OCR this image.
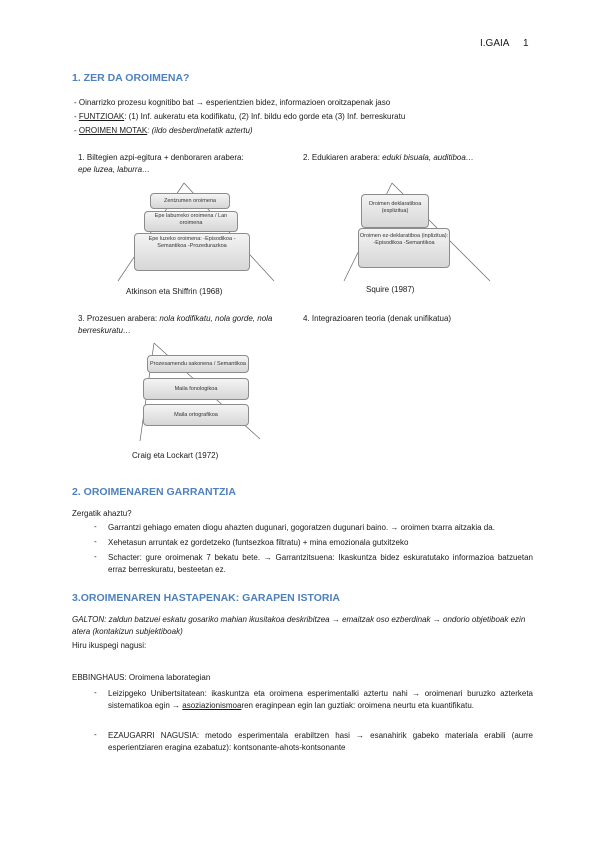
I.GAIA 1
1. ZER DA OROIMENA?
- Oinarrizko prozesu kognitibo bat → esperientzien bidez, informazioen oroitzapenak jaso
- FUNTZIOAK: (1) Inf. aukeratu eta kodifikatu, (2) Inf. bildu edo gorde eta (3) Inf. berreskuratu
- OROIMEN MOTAK: (ildo desberdinetatik aztertu)
1. Biltegien azpi-egitura + denboraren arabera:
epe luzea, laburra…
Zentzumen oroimena
Epe laburreko oroimena / Lan oroimena
Epe luzeko oroimena: -Episodikoa -Semantikoa -Prozedurazkoa
Atkinson eta Shiffrin (1968)
2. Edukiaren arabera: eduki bisuala, auditiboa…
Oroimen deklaratiboa (esplizitua)
Oroimen ez-deklaratiboa (inplizitua): -Episodikoa -Semantikoa
Squire (1987)
3. Prozesuen arabera: nola kodifikatu, nola gorde, nola berreskuratu…
4. Integrazioaren teoria (denak unifikatua)
Prozesamendu sakonena / Semantikoa
Maila fonologikoa
Maila ortografikoa
Craig eta Lockart (1972)
2. OROIMENAREN GARRANTZIA
Zergatik ahaztu?
- Garrantzi gehiago ematen diogu ahazten dugunari, gogoratzen dugunari baino. → oroimen txarra aitzakia da.
- Xehetasun arruntak ez gordetzeko (funtsezkoa filtratu) + mina emozionala gutxitzeko
- Schacter: gure oroimenak 7 bekatu bete. → Garrantzitsuena: Ikaskuntza bidez eskuratutako informazioa batzuetan erraz berreskuratu, besteetan ez.
3.OROIMENAREN HASTAPENAK: GARAPEN ISTORIA
GALTON: zaldun batzuei eskatu gosariko mahian ikusitakoa deskribitzea → emaitzak oso ezberdinak → ondorio objetiboak ezin atera (kontakizun subjektiboak)
Hiru ikuspegi nagusi:
EBBINGHAUS: Oroimena laborategian
- Leizipgeko Unibertsitatean: ikaskuntza eta oroimena esperimentalki aztertu nahi → oroimenari buruzko azterketa sistematikoa egin → asoziazionismoaren eraginpean egin lan guztiak: oroimena neurtu eta kuantifikatu.
- EZAUGARRI NAGUSIA: metodo esperimentala erabiltzen hasi → esanahirik gabeko materiala erabili (aurre esperientziaren eragina ezabatuz): kontsonante-ahots-kontsonante
